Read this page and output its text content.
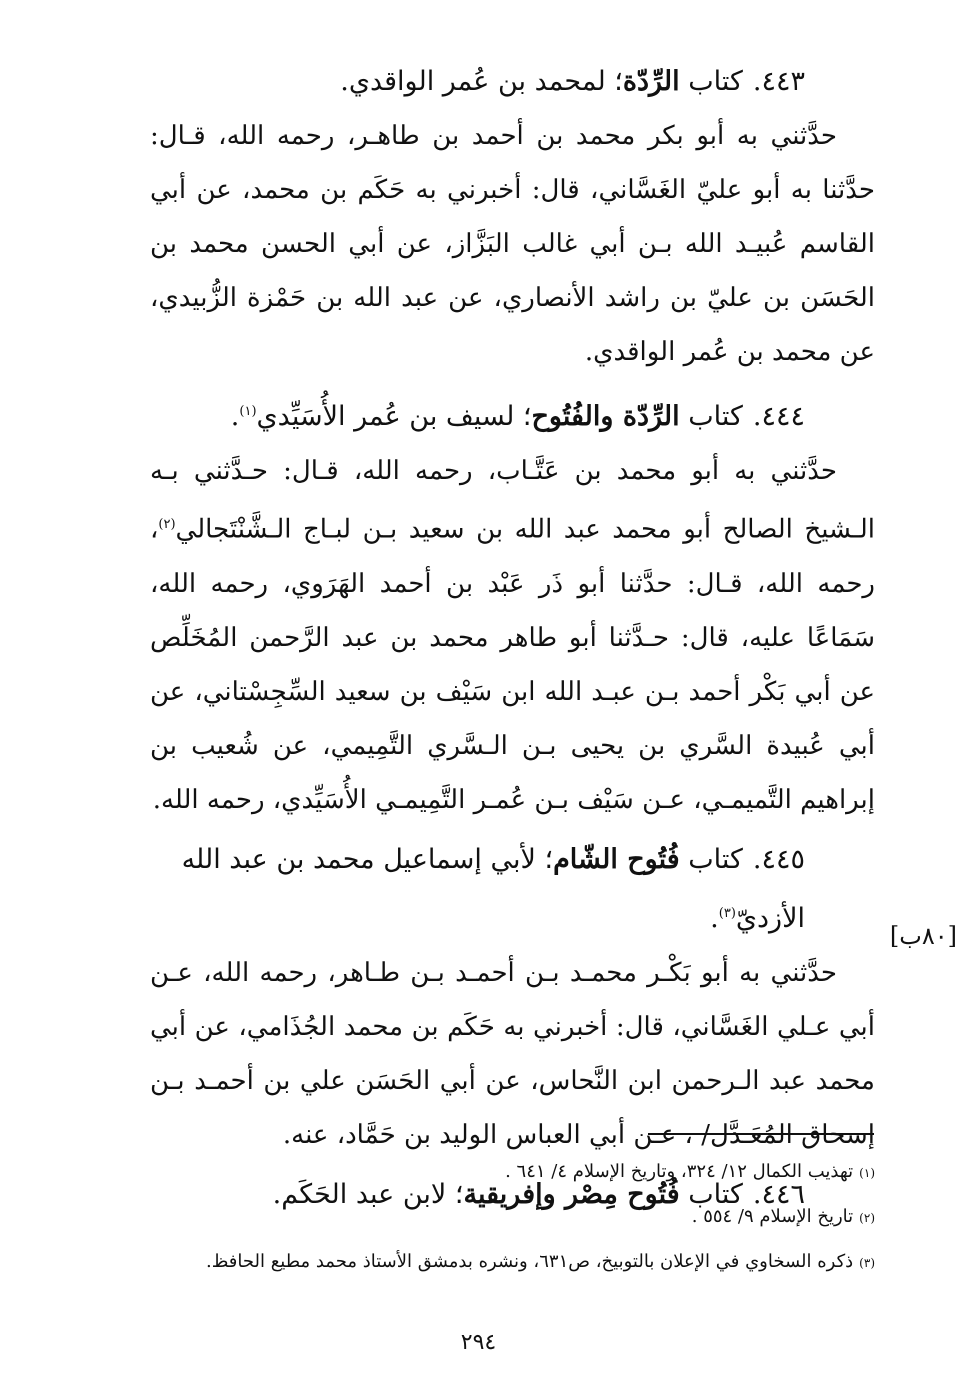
٤٤٣.كتاب الرِّدّة؛ لمحمد بن عُمر الواقدي.

حدَّثني به أبو بكر محمد بن أحمد بن طاهـر، رحمه الله، قـال: حدَّثنا به أبو عليّ الغَسَّاني، قال: أخبرني به حَكَم بن محمد، عن أبي القاسم عُبيـد الله بـن أبي غالب البَزَّاز، عن أبي الحسن محمد بن الحَسَن بن عليّ بن راشد الأنصاري، عن عبد الله بن حَمْزة الزُّبيدي، عن محمد بن عُمر الواقدي.

٤٤٤.كتاب الرِّدّة والفُتُوح؛ لسيف بن عُمر الأُسَيِّدي$^{(١)}$.

حدَّثني به أبو محمد بن عَتَّـاب، رحمه الله، قـال: حـدَّثني بـه الـشيخ الصالح أبو محمد عبد الله بن سعيد بـن لبـاج الـشَّنْتَجالي$^{(٢)}$، رحمه الله، قـال: حدَّثنا أبو ذَر عَبْد بن أحمد الهَرَوي، رحمه الله، سَمَاعًا عليه، قال: حـدَّثنا أبو طاهر محمد بن عبد الرَّحمن المُخَلِّص عن أبي بَكْر أحمد بـن عبـد الله ابن سَيْف بن سعيد السِّجِسْتاني، عن أبي عُبيدة السَّري بن يحيى بـن الـسَّري التَّمِيمي، عن شُعيب بن إبراهيم التَّميمـي، عـن سَيْف بـن عُمـر التَّمِيمـي الأُسَيِّدي، رحمه الله.

٤٤٥.كتاب فُتُوح الشّام؛ لأبي إسماعيل محمد بن عبد الله الأزديّ$^{(٣)}$.

حدَّثني به أبو بَكْـر محمـد بـن أحمـد بـن طـاهر، رحمه الله، عـن أبي عـلي الغَسَّاني، قال: أخبرني به حَكَم بن محمد الجُذَامي، عن أبي محمد عبد الـرحمن ابن النَّحاس، عن أبي الحَسَن علي بن أحمـد بـن إسحاق المُعَـدَّل/ ، عـن أبي العباس الوليد بن حَمَّاد، عنه.

٤٤٦.كتاب فُتُوح مِصْر وإفريقية؛ لابن عبد الحَكَم.
[٨٠ب]

(١)تهذيب الكمال ١٢/ ٣٢٤، وتاريخ الإسلام ٤/ ٦٤١ .

(٢)تاريخ الإسلام ٩/ ٥٥٤ .

(٣)ذكره السخاوي في الإعلان بالتوبيخ، ص٦٣١، ونشره بدمشق الأستاذ محمد مطيع الحافظ.

٢٩٤
